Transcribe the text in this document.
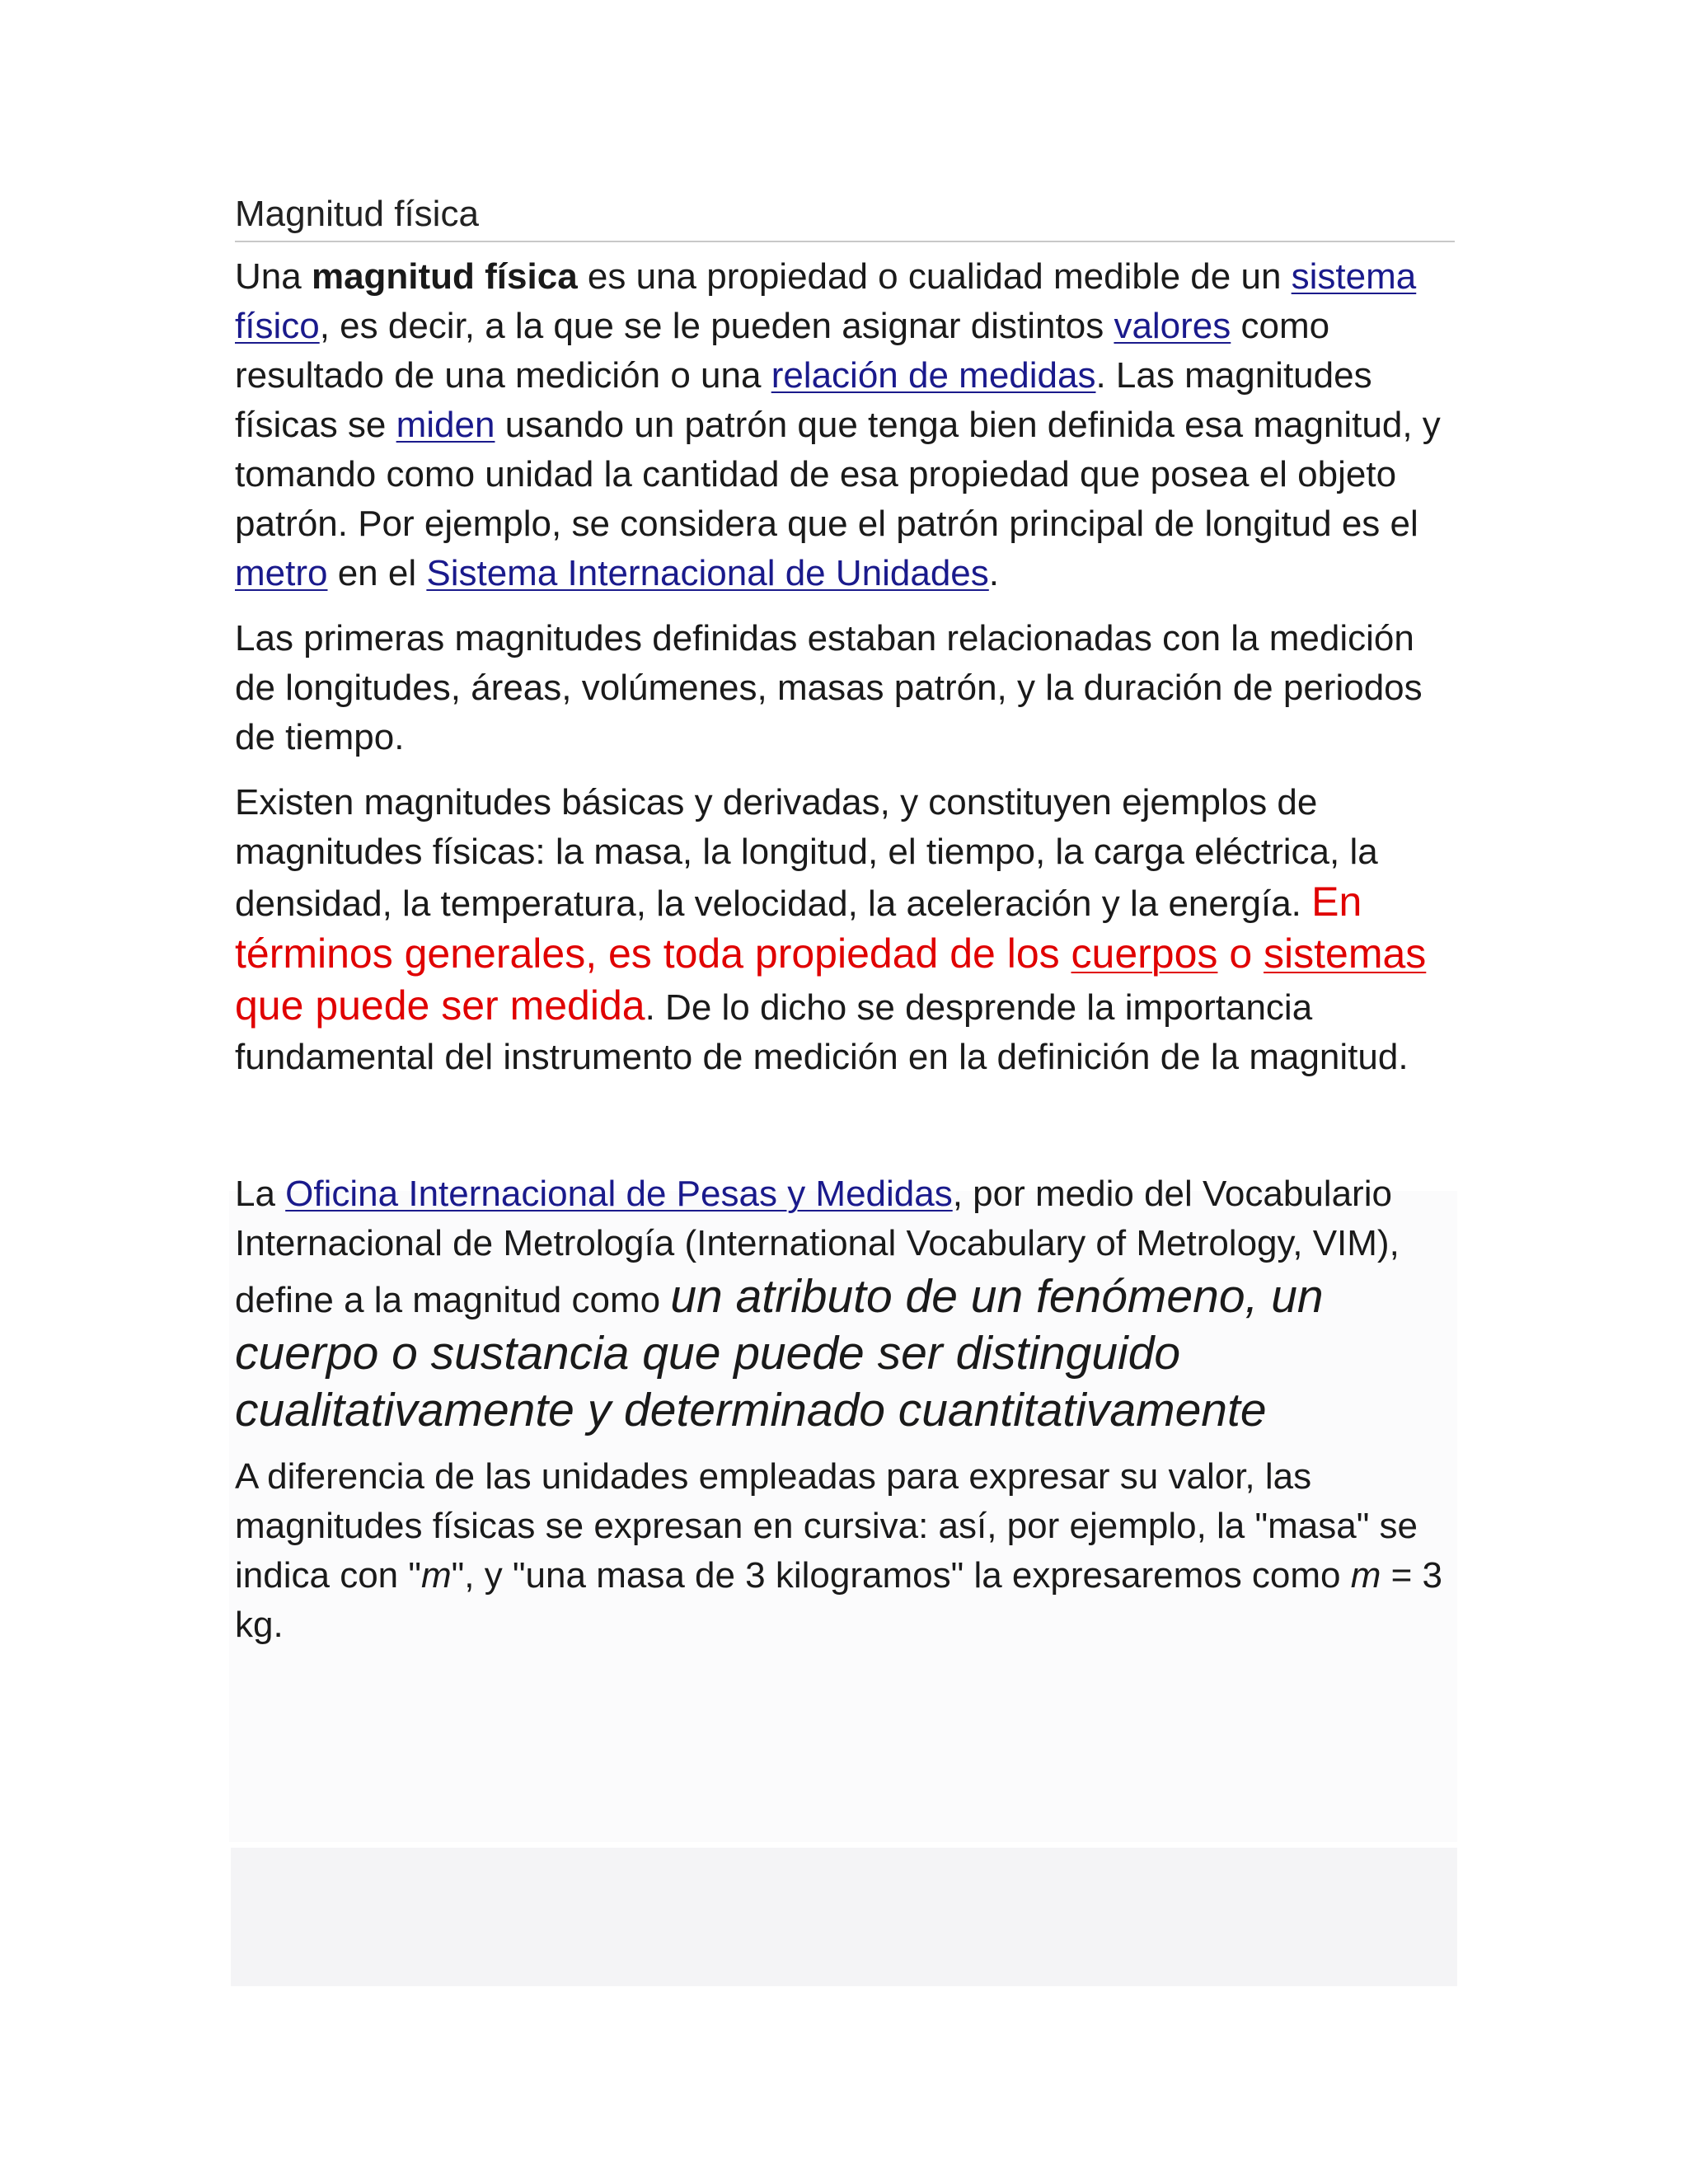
Magnitud física

Una magnitud física es una propiedad o cualidad medible de un sistema físico, es decir, a la que se le pueden asignar distintos valores como resultado de una medición o una relación de medidas. Las magnitudes físicas se miden usando un patrón que tenga bien definida esa magnitud, y tomando como unidad la cantidad de esa propiedad que posea el objeto patrón. Por ejemplo, se considera que el patrón principal de longitud es el metro en el Sistema Internacional de Unidades.

Las primeras magnitudes definidas estaban relacionadas con la medición de longitudes, áreas, volúmenes, masas patrón, y la duración de periodos de tiempo.

Existen magnitudes básicas y derivadas, y constituyen ejemplos de magnitudes físicas: la masa, la longitud, el tiempo, la carga eléctrica, la densidad, la temperatura, la velocidad, la aceleración y la energía. En términos generales, es toda propiedad de los cuerpos o sistemas que puede ser medida. De lo dicho se desprende la importancia fundamental del instrumento de medición en la definición de la magnitud.

La Oficina Internacional de Pesas y Medidas, por medio del Vocabulario Internacional de Metrología (International Vocabulary of Metrology, VIM), define a la magnitud como un atributo de un fenómeno, un cuerpo o sustancia que puede ser distinguido cualitativamente y determinado cuantitativamente

A diferencia de las unidades empleadas para expresar su valor, las magnitudes físicas se expresan en cursiva: así, por ejemplo, la "masa" se indica con "m", y "una masa de 3 kilogramos" la expresaremos como m = 3 kg.
